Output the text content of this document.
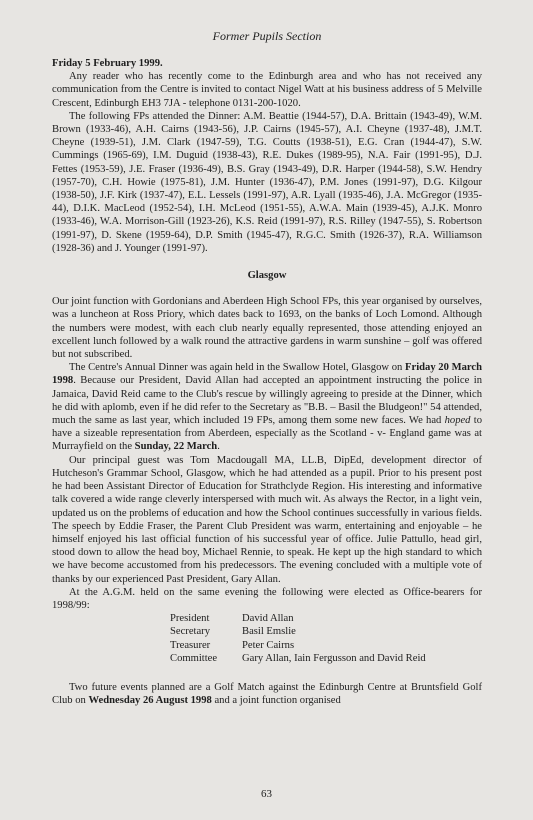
Former Pupils Section

Friday 5 February 1999.

Any reader who has recently come to the Edinburgh area and who has not received any communication from the Centre is invited to contact Nigel Watt at his business address of 5 Melville Crescent, Edinburgh EH3 7JA - telephone 0131-200-1020.

The following FPs attended the Dinner: A.M. Beattie (1944-57), D.A. Brittain (1943-49), W.M. Brown (1933-46), A.H. Cairns (1943-56), J.P. Cairns (1945-57), A.I. Cheyne (1937-48), J.M.T. Cheyne (1939-51), J.M. Clark (1947-59), T.G. Coutts (1938-51), E.G. Cran (1944-47), S.W. Cummings (1965-69), I.M. Duguid (1938-43), R.E. Dukes (1989-95), N.A. Fair (1991-95), D.J. Fettes (1953-59), J.E. Fraser (1936-49), B.S. Gray (1943-49), D.R. Harper (1944-58), S.W. Hendry (1957-70), C.H. Howie (1975-81), J.M. Hunter (1936-47), P.M. Jones (1991-97), D.G. Kilgour (1938-50), J.F. Kirk (1937-47), E.L. Lessels (1991-97), A.R. Lyall (1935-46), J.A. McGregor (1935-44), D.I.K. MacLeod (1952-54), I.H. McLeod (1951-55), A.W.A. Main (1939-45), A.J.K. Monro (1933-46), W.A. Morrison-Gill (1923-26), K.S. Reid (1991-97), R.S. Rilley (1947-55), S. Robertson (1991-97), D. Skene (1959-64), D.P. Smith (1945-47), R.G.C. Smith (1926-37), R.A. Williamson (1928-36) and J. Younger (1991-97).

Glasgow

Our joint function with Gordonians and Aberdeen High School FPs, this year organised by ourselves, was a luncheon at Ross Priory, which dates back to 1693, on the banks of Loch Lomond. Although the numbers were modest, with each club nearly equally represented, those attending enjoyed an excellent lunch followed by a walk round the attractive gardens in warm sunshine – golf was offered but not subscribed.

The Centre's Annual Dinner was again held in the Swallow Hotel, Glasgow on Friday 20 March 1998. Because our President, David Allan had accepted an appointment instructing the police in Jamaica, David Reid came to the Club's rescue by willingly agreeing to preside at the Dinner, which he did with aplomb, even if he did refer to the Secretary as "B.B. – Basil the Bludgeon!" 54 attended, much the same as last year, which included 19 FPs, among them some new faces. We had hoped to have a sizeable representation from Aberdeen, especially as the Scotland - v- England game was at Murrayfield on the Sunday, 22 March.

Our principal guest was Tom Macdougall MA, LL.B, DipEd, development director of Hutcheson's Grammar School, Glasgow, which he had attended as a pupil. Prior to his present post he had been Assistant Director of Education for Strathclyde Region. His interesting and informative talk covered a wide range cleverly interspersed with much wit. As always the Rector, in a light vein, updated us on the problems of education and how the School continues successfully in various fields. The speech by Eddie Fraser, the Parent Club President was warm, entertaining and enjoyable – he himself enjoyed his last official function of his successful year of office. Julie Pattullo, head girl, stood down to allow the head boy, Michael Rennie, to speak. He kept up the high standard to which we have become accustomed from his predecessors. The evening concluded with a multiple vote of thanks by our experienced Past President, Gary Allan.

At the A.G.M. held on the same evening the following were elected as Office-bearers for 1998/99:

President	David Allan
Secretary	Basil Emslie
Treasurer	Peter Cairns
Committee	Gary Allan, Iain Fergusson and David Reid

Two future events planned are a Golf Match against the Edinburgh Centre at Bruntsfield Golf Club on Wednesday 26 August 1998 and a joint function organised

63
